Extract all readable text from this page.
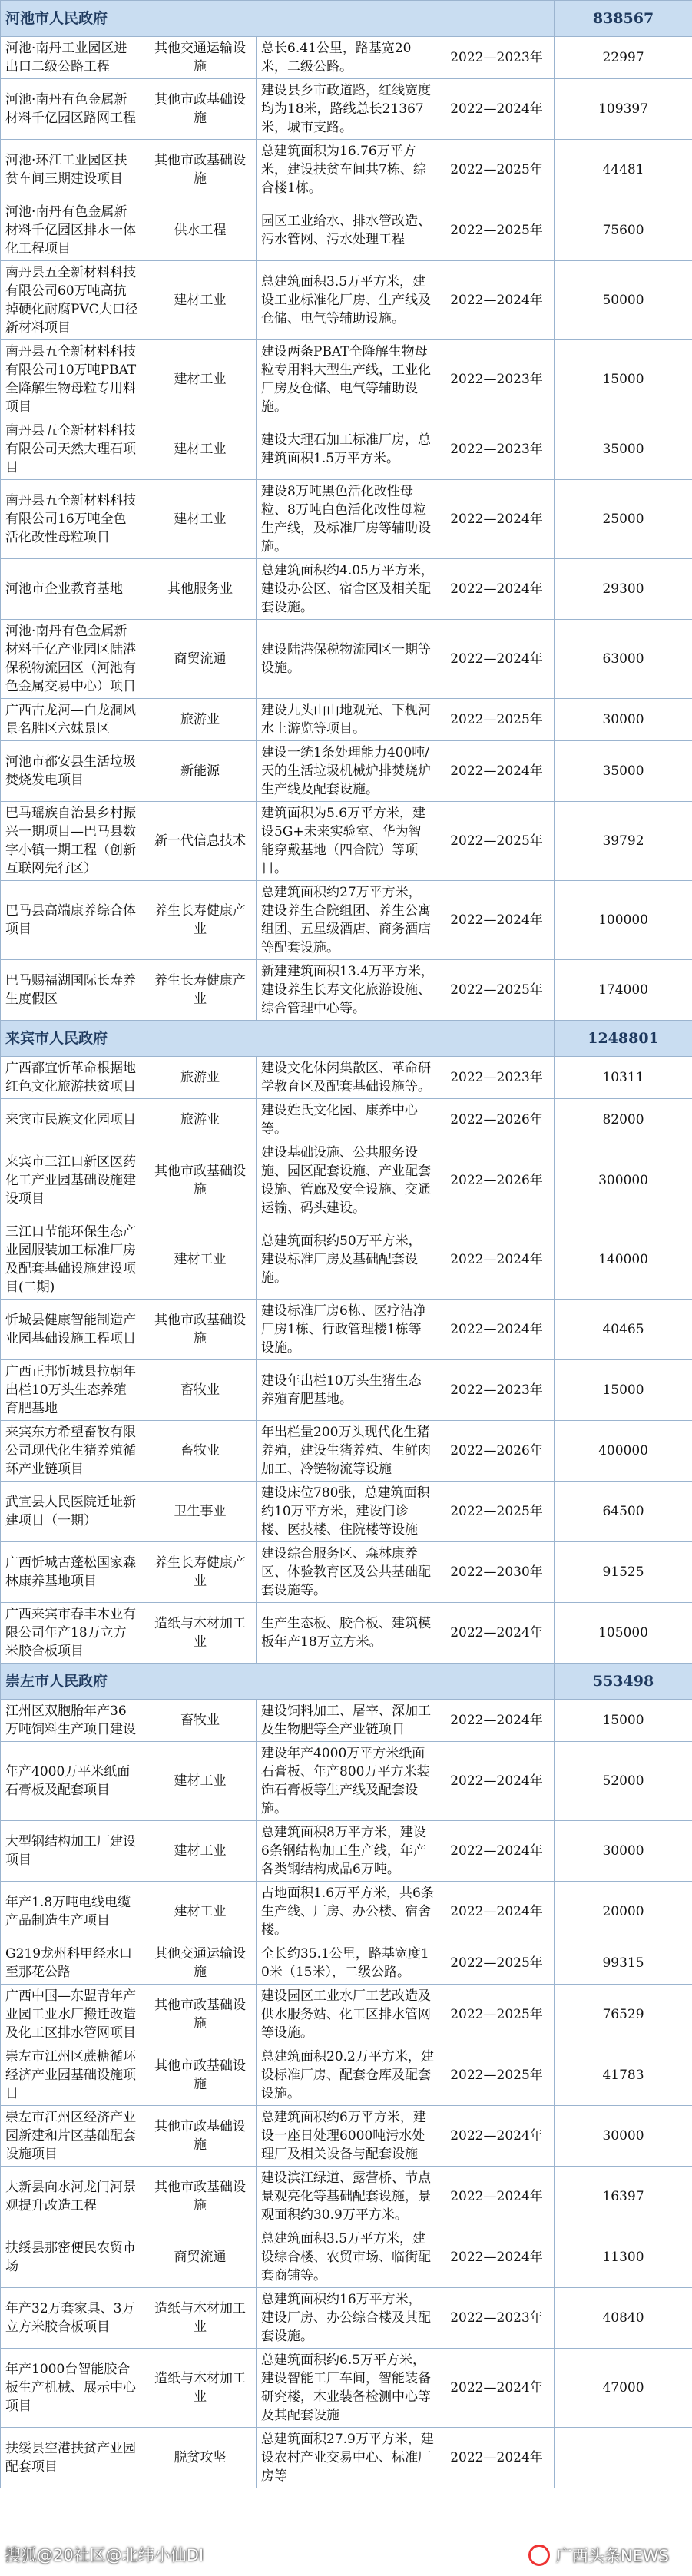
河池市人民政府				838567
河池·南丹工业园区进出口二级公路工程	其他交通运输设施	总长6.41公里，路基宽20米，二级公路。	2022—2023年	22997
河池·南丹有色金属新材料千亿园区路网工程	其他市政基础设施	建设县乡市政道路，红线宽度均为18米，路线总长21367米，城市支路。	2022—2024年	109397
河池·环江工业园区扶贫车间三期建设项目	其他市政基础设施	总建筑面积为16.76万平方米，建设扶贫车间共7栋、综合楼1栋。	2022—2025年	44481
河池·南丹有色金属新材料千亿园区排水一体化工程项目	供水工程	园区工业给水、排水管改造、污水管网、污水处理工程	2022—2025年	75600
南丹县五全新材料科技有限公司60万吨高抗掉硬化耐腐PVC大口径新材料项目	建材工业	总建筑面积3.5万平方米，建设工业标准化厂房、生产线及仓储、电气等辅助设施。	2022—2024年	50000
南丹县五全新材料科技有限公司10万吨PBAT全降解生物母粒专用料项目	建材工业	建设两条PBAT全降解生物母粒专用料大型生产线，工业化厂房及仓储、电气等辅助设施。	2022—2023年	15000
南丹县五全新材料科技有限公司天然大理石项目	建材工业	建设大理石加工标准厂房，总建筑面积1.5万平方米。	2022—2023年	35000
南丹县五全新材料科技有限公司16万吨全色活化改性母粒项目	建材工业	建设8万吨黑色活化改性母粒、8万吨白色活化改性母粒生产线，及标准厂房等辅助设施。	2022—2024年	25000
河池市企业教育基地	其他服务业	总建筑面积约4.05万平方米，建设办公区、宿舍区及相关配套设施。	2022—2024年	29300
河池·南丹有色金属新材料千亿产业园区陆港保税物流园区（河池有色金属交易中心）项目	商贸流通	建设陆港保税物流园区一期等设施。	2022—2024年	63000
广西古龙河—白龙洞风景名胜区六妹景区	旅游业	建设九头山山地观光、下枧河水上游览等项目。	2022—2025年	30000
河池市都安县生活垃圾焚烧发电项目	新能源	建设一统1条处理能力400吨/天的生活垃圾机械炉排焚烧炉生产线及配套设施。	2022—2024年	35000
巴马瑶族自治县乡村振兴一期项目—巴马县数字小镇一期工程（创新互联网先行区）	新一代信息技术	建筑面积为5.6万平方米，建设5G+未来实验室、华为智能穿戴基地（四合院）等项目。	2022—2025年	39792
巴马县高端康养综合体项目	养生长寿健康产业	总建筑面积约27万平方米，建设养生合院组团、养生公寓组团、五星级酒店、商务酒店等配套设施。	2022—2024年	100000
巴马赐福湖国际长寿养生度假区	养生长寿健康产业	新建建筑面积13.4万平方米，建设养生长寿文化旅游设施、综合管理中心等。	2022—2025年	174000
来宾市人民政府				1248801
广西都宜忻革命根据地红色文化旅游扶贫项目	旅游业	建设文化休闲集散区、革命研学教育区及配套基础设施等。	2022—2023年	10311
来宾市民族文化园项目	旅游业	建设姓氏文化园、康养中心等。	2022—2026年	82000
来宾市三江口新区医药化工产业园基础设施建设项目	其他市政基础设施	建设基础设施、公共服务设施、园区配套设施、产业配套设施、管廊及安全设施、交通运输、码头建设。	2022—2026年	300000
三江口节能环保生态产业园服装加工标准厂房及配套基础设施建设项目(二期)	建材工业	总建筑面积约50万平方米，建设标准厂房及基础配套设施。	2022—2024年	140000
忻城县健康智能制造产业园基础设施工程项目	其他市政基础设施	建设标准厂房6栋、医疗洁净厂房1栋、行政管理楼1栋等设施。	2022—2024年	40465
广西正邦忻城县拉朝年出栏10万头生态养殖育肥基地	畜牧业	建设年出栏10万头生猪生态养殖育肥基地。	2022—2023年	15000
来宾东方希望畜牧有限公司现代化生猪养殖循环产业链项目	畜牧业	年出栏量200万头现代化生猪养殖，建设生猪养殖、生鲜肉加工、冷链物流等设施	2022—2026年	400000
武宣县人民医院迁址新建项目（一期）	卫生事业	建设床位780张，总建筑面积约10万平方米，建设门诊楼、医技楼、住院楼等设施	2022—2025年	64500
广西忻城古蓬松国家森林康养基地项目	养生长寿健康产业	建设综合服务区、森林康养区、体验教育区及公共基础配套设施等。	2022—2030年	91525
广西来宾市春丰木业有限公司年产18万立方米胶合板项目	造纸与木材加工业	生产生态板、胶合板、建筑模板年产18万立方米。	2022—2024年	105000
崇左市人民政府				553498
江州区双胞胎年产36万吨饲料生产项目建设	畜牧业	建设饲料加工、屠宰、深加工及生物肥等全产业链项目	2022—2024年	15000
年产4000万平米纸面石膏板及配套项目	建材工业	建设年产4000万平方米纸面石膏板、年产800万平方米装饰石膏板等生产线及配套设施。	2022—2024年	52000
大型钢结构加工厂建设项目	建材工业	总建筑面积8万平方米，建设6条钢结构加工生产线，年产各类钢结构成品6万吨。	2022—2024年	30000
年产1.8万吨电线电缆产品制造生产项目	建材工业	占地面积1.6万平方米，共6条生产线、厂房、办公楼、宿舍楼。	2022—2024年	20000
G219龙州科甲经水口至那花公路	其他交通运输设施	全长约35.1公里，路基宽度10米（15米），二级公路。	2022—2025年	99315
广西中国—东盟青年产业园工业水厂搬迁改造及化工区排水管网项目	其他市政基础设施	建设园区工业水厂工艺改造及供水服务站、化工区排水管网等设施。	2022—2025年	76529
崇左市江州区蔗糖循环经济产业园基础设施项目	其他市政基础设施	总建筑面积20.2万平方米，建设标准厂房、配套仓库及配套设施。	2022—2025年	41783
崇左市江州区经济产业园新建和片区基础配套设施项目	其他市政基础设施	总建筑面积约6万平方米，建设一座日处理6000吨污水处理厂及相关设备与配套设施	2022—2024年	30000
大新县向水河龙门河景观提升改造工程	其他市政基础设施	建设滨江绿道、露营桥、节点景观亮化等基础配套设施，景观面积约30.9万平方米。	2022—2024年	16397
扶绥县那密便民农贸市场	商贸流通	总建筑面积3.5万平方米，建设综合楼、农贸市场、临街配套商铺等。	2022—2024年	11300
年产32万套家具、3万立方米胶合板项目	造纸与木材加工业	总建筑面积约16万平方米，建设厂房、办公综合楼及其配套设施。	2022—2023年	40840
年产1000台智能胶合板生产机械、展示中心项目	造纸与木材加工业	总建筑面积约6.5万平方米，建设智能工厂车间，智能装备研究楼，木业装备检测中心等及其配套设施	2022—2024年	47000
扶绥县空港扶贫产业园配套项目	脱贫攻坚	总建筑面积27.9万平方米，建设农村产业交易中心、标准厂房等	2022—2024年	
搜狐@20社区@北纬小仙DI	广西头条NEWS
